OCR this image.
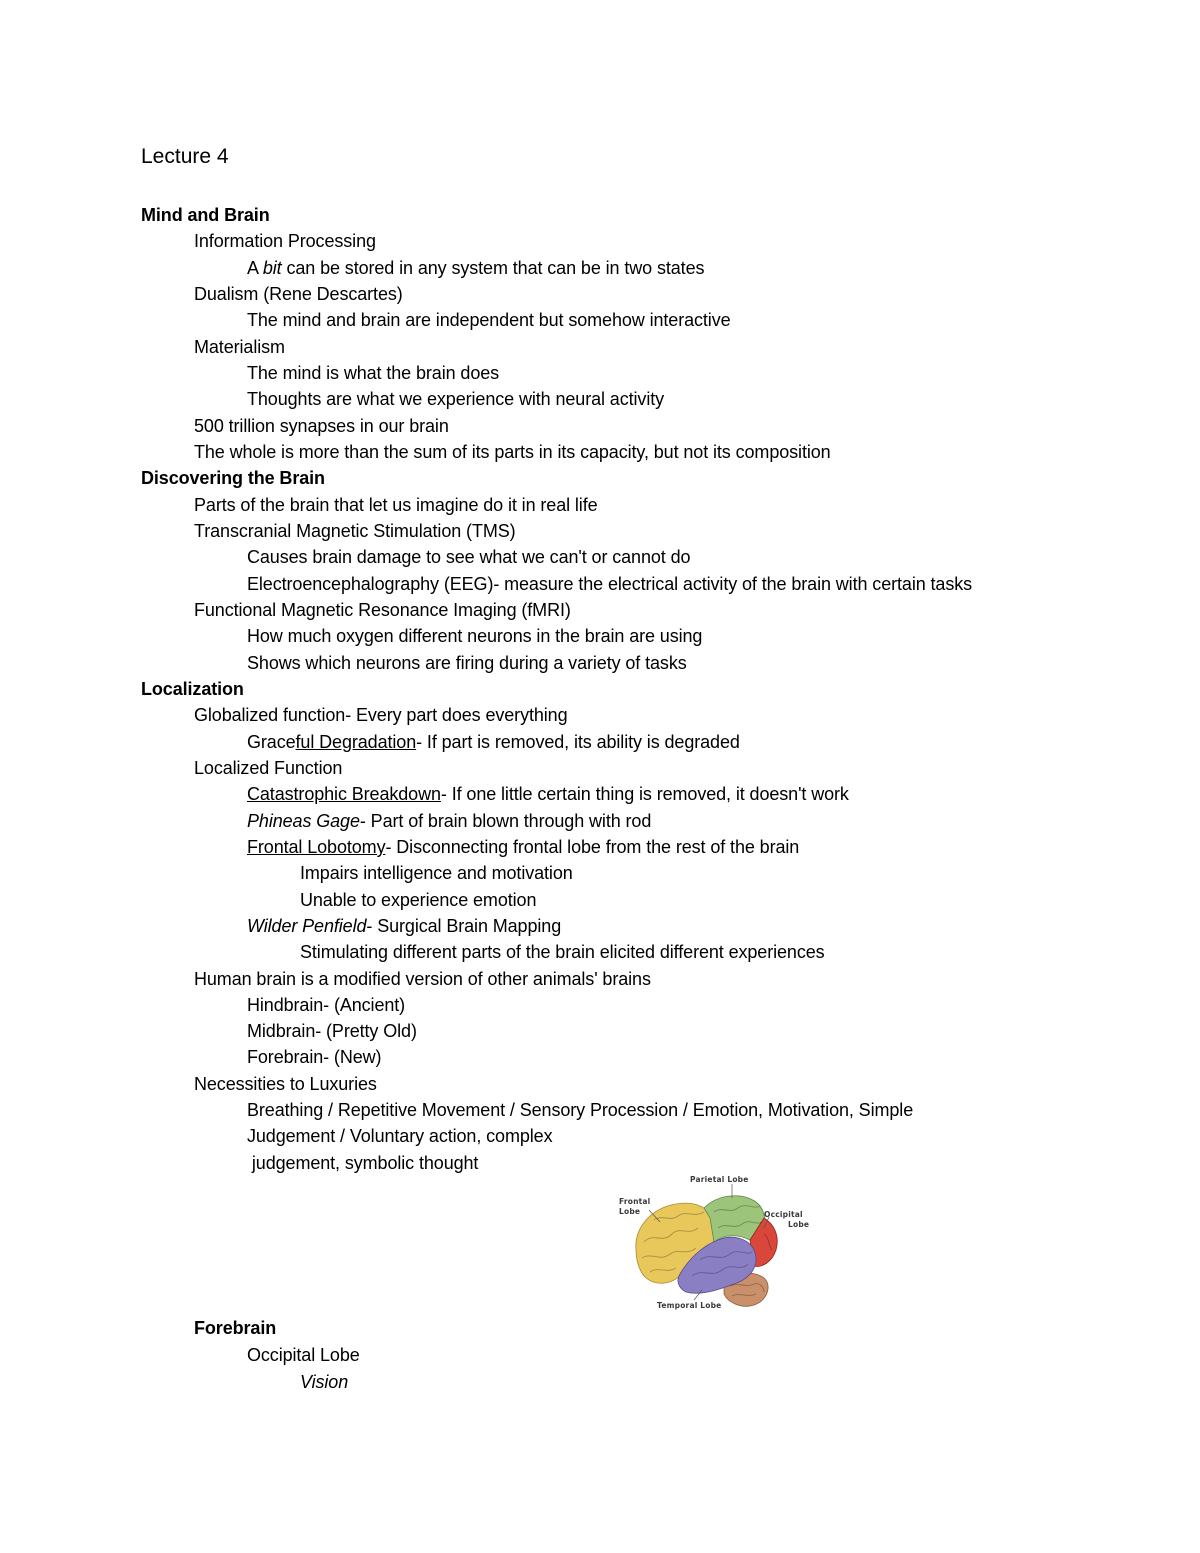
Lecture 4
Mind and Brain
Information Processing
A bit can be stored in any system that can be in two states
Dualism (Rene Descartes)
The mind and brain are independent but somehow interactive
Materialism
The mind is what the brain does
Thoughts are what we experience with neural activity
500 trillion synapses in our brain
The whole is more than the sum of its parts in its capacity, but not its composition
Discovering the Brain
Parts of the brain that let us imagine do it in real life
Transcranial Magnetic Stimulation (TMS)
Causes brain damage to see what we can't or cannot do
Electroencephalography (EEG)- measure the electrical activity of the brain with certain tasks
Functional Magnetic Resonance Imaging (fMRI)
How much oxygen different neurons in the brain are using
Shows which neurons are firing during a variety of tasks
Localization
Globalized function- Every part does everything
Graceful Degradation- If part is removed, its ability is degraded
Localized Function
Catastrophic Breakdown- If one little certain thing is removed, it doesn't work
Phineas Gage- Part of brain blown through with rod
Frontal Lobotomy- Disconnecting frontal lobe from the rest of the brain
Impairs intelligence and motivation
Unable to experience emotion
Wilder Penfield- Surgical Brain Mapping
Stimulating different parts of the brain elicited different experiences
Human brain is a modified version of other animals' brains
Hindbrain- (Ancient)
Midbrain- (Pretty Old)
Forebrain- (New)
Necessities to Luxuries
Breathing / Repetitive Movement / Sensory Procession / Emotion, Motivation, Simple
Judgement / Voluntary action, complex
judgement, symbolic thought
Parietal Lobe
Frontal
Lobe	Occipital
Lobe
Temporal Lobe
Forebrain
Occipital Lobe
Vision
